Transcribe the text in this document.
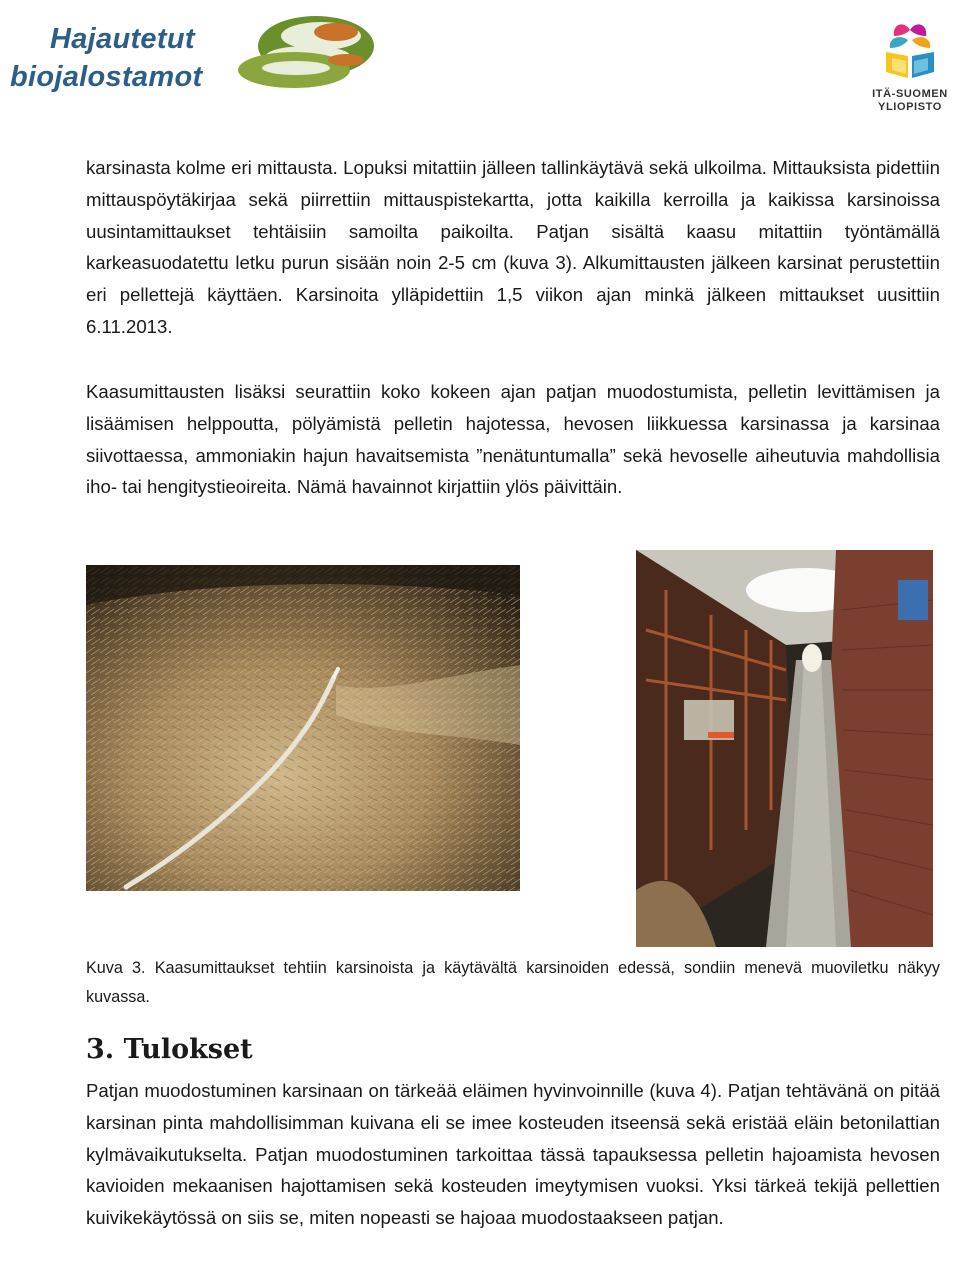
Hajautetut
biojalostamot
ITÄ-SUOMEN
YLIOPISTO

karsinasta kolme eri mittausta. Lopuksi mitattiin jälleen tallinkäytävä sekä ulkoilma. Mittauksista pidettiin mittauspöytäkirjaa sekä piirrettiin mittauspistekartta, jotta kaikilla kerroilla ja kaikissa karsinoissa uusintamittaukset tehtäisiin samoilta paikoilta. Patjan sisältä kaasu mitattiin työntämällä karkeasuodatettu letku purun sisään noin 2-5 cm (kuva 3). Alkumittausten jälkeen karsinat perustettiin eri pellettejä käyttäen. Karsinoita ylläpidettiin 1,5 viikon ajan minkä jälkeen mittaukset uusittiin 6.11.2013.

Kaasumittausten lisäksi seurattiin koko kokeen ajan patjan muodostumista, pelletin levittämisen ja lisäämisen helppoutta, pölyämistä pelletin hajotessa, hevosen liikkuessa karsinassa ja karsinaa siivottaessa, ammoniakin hajun havaitsemista ”nenätuntumalla” sekä hevoselle aiheutuvia mahdollisia iho- tai hengitystieoireita. Nämä havainnot kirjattiin ylös päivittäin.

Kuva 3. Kaasumittaukset tehtiin karsinoista ja käytävältä karsinoiden edessä, sondiin menevä muoviletku näkyy kuvassa.

3. Tulokset

Patjan muodostuminen karsinaan on tärkeää eläimen hyvinvoinnille (kuva 4). Patjan tehtävänä on pitää karsinan pinta mahdollisimman kuivana eli se imee kosteuden itseensä sekä eristää eläin betonilattian kylmävaikutukselta. Patjan muodostuminen tarkoittaa tässä tapauksessa pelletin hajoamista hevosen kavioiden mekaanisen hajottamisen sekä kosteuden imeytymisen vuoksi. Yksi tärkeä tekijä pellettien kuivikekäytössä on siis se, miten nopeasti se hajoaa muodostaakseen patjan.
